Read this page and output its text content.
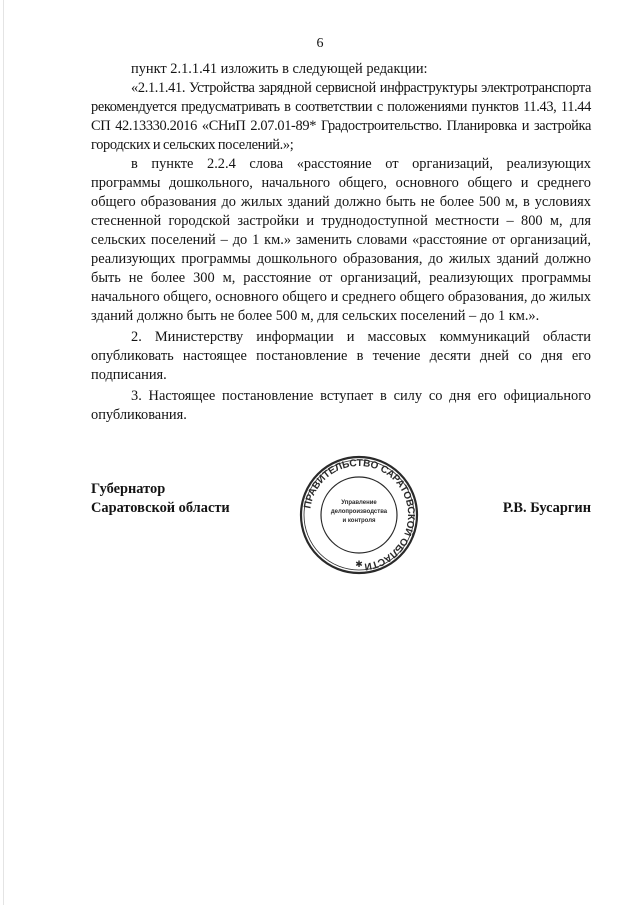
6

пункт 2.1.1.41 изложить в следующей редакции:

«2.1.1.41. Устройства зарядной сервисной инфраструктуры электротранспорта рекомендуется предусматривать в соответствии с положениями пунктов 11.43, 11.44 СП 42.13330.2016 «СНиП 2.07.01-89* Градостроительство. Планировка и застройка городских и сельских поселений.»;

в пункте 2.2.4 слова «расстояние от организаций, реализующих программы дошкольного, начального общего, основного общего и среднего общего образования до жилых зданий должно быть не более 500 м, в условиях стесненной городской застройки и труднодоступной местности – 800 м, для сельских поселений – до 1 км.» заменить словами «расстояние от организаций, реализующих программы дошкольного образования, до жилых зданий должно быть не более 300 м, расстояние от организаций, реализующих программы начального общего, основного общего и среднего общего образования, до жилых зданий должно быть не более 500 м, для сельских поселений – до 1 км.».

2. Министерству информации и массовых коммуникаций области опубликовать настоящее постановление в течение десяти дней со дня его подписания.

3. Настоящее постановление вступает в силу со дня его официального опубликования.

Губернатор
Саратовской области	Р.В. Бусаргин
ПРАВИТЕЛЬСТВО САРАТОВСКОЙ ОБЛАСТИ
Управление
делопроизводства
и контроля
✱
